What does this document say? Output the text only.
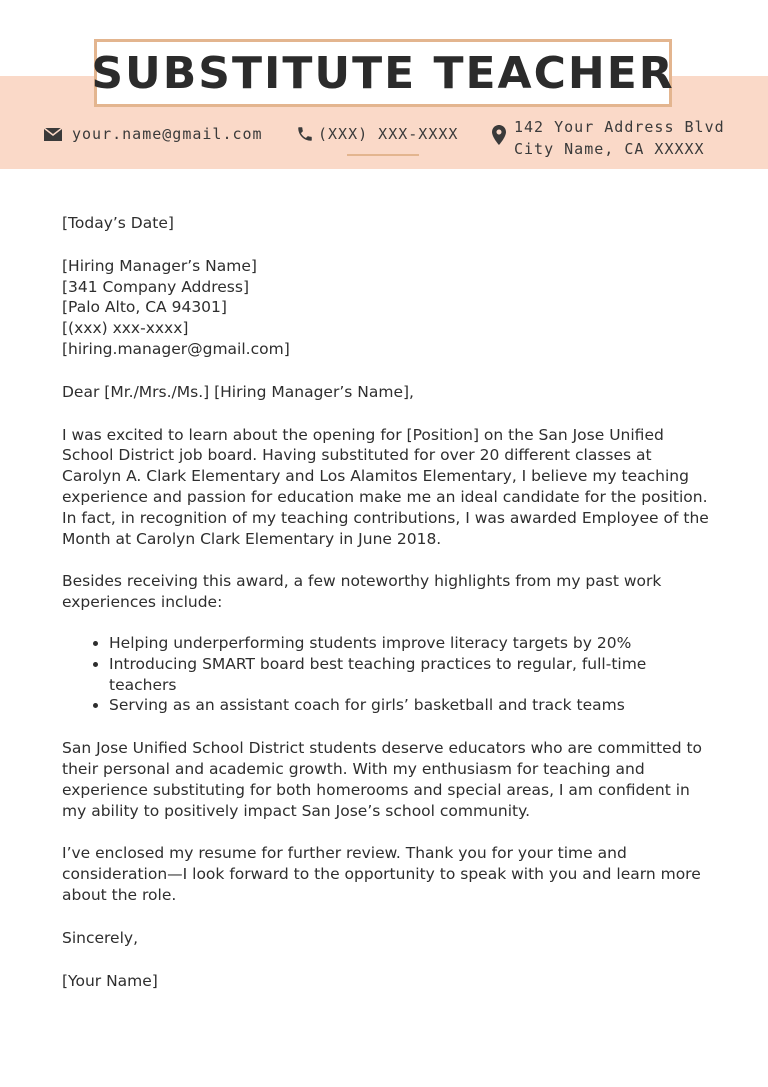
SUBSTITUTE TEACHER
your.name@gmail.com	(XXX) XXX-XXXX	142 Your Address Blvd
City Name, CA XXXXX

[Today’s Date]

[Hiring Manager’s Name]
[341 Company Address]
[Palo Alto, CA 94301]
[(xxx) xxx-xxxx]
[hiring.manager@gmail.com]

Dear [Mr./Mrs./Ms.] [Hiring Manager’s Name],

I was excited to learn about the opening for [Position] on the San Jose Unified School District job board. Having substituted for over 20 different classes at Carolyn A. Clark Elementary and Los Alamitos Elementary, I believe my teaching experience and passion for education make me an ideal candidate for the position. In fact, in recognition of my teaching contributions, I was awarded Employee of the Month at Carolyn Clark Elementary in June 2018.

Besides receiving this award, a few noteworthy highlights from my past work experiences include:

• Helping underperforming students improve literacy targets by 20%
• Introducing SMART board best teaching practices to regular, full-time teachers
• Serving as an assistant coach for girls’ basketball and track teams

San Jose Unified School District students deserve educators who are committed to their personal and academic growth. With my enthusiasm for teaching and experience substituting for both homerooms and special areas, I am confident in my ability to positively impact San Jose’s school community.

I’ve enclosed my resume for further review. Thank you for your time and consideration—I look forward to the opportunity to speak with you and learn more about the role.

Sincerely,

[Your Name]
